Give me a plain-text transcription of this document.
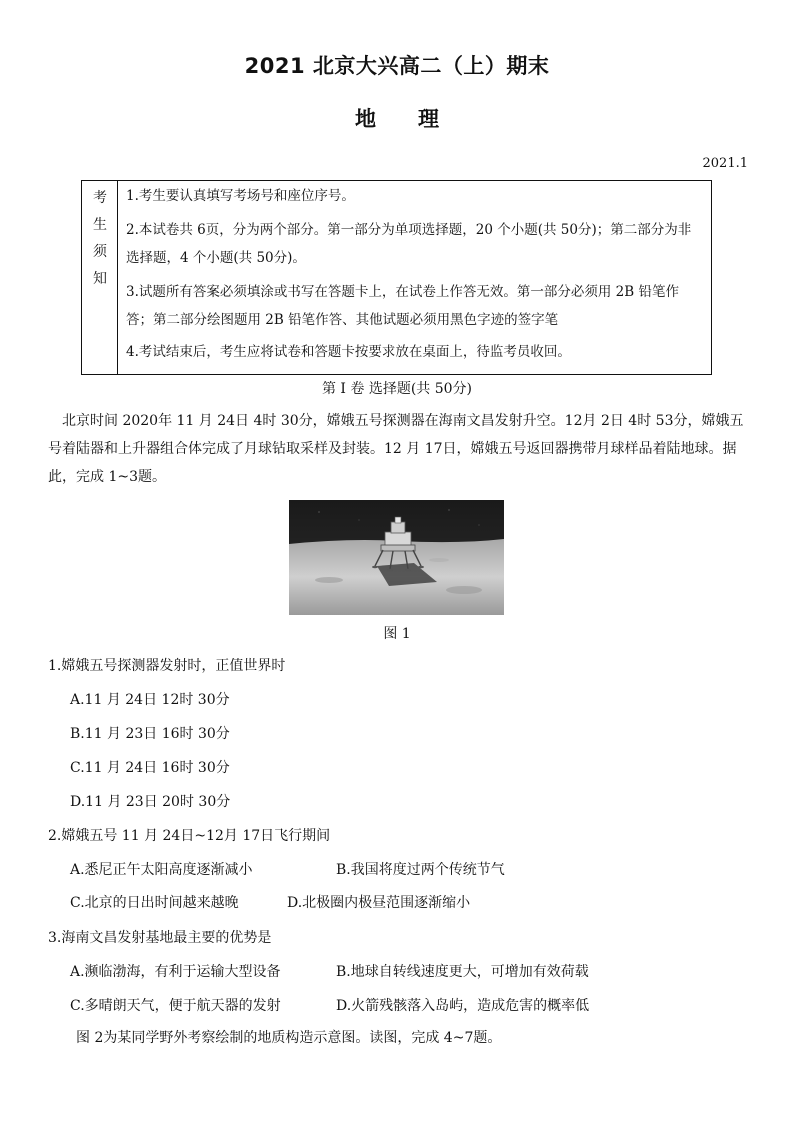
2021 北京大兴高二（上）期末
地　　理
2021.1
考
生
须
知

1.考生要认真填写考场号和座位序号。

2.本试卷共 6页，分为两个部分。第一部分为单项选择题，20 个小题(共 50分)；第二部分为非

选择题，4 个小题(共 50分)。

3.试题所有答案必须填涂或书写在答题卡上，在试卷上作答无效。第一部分必须用 2B 铅笔作

答；第二部分绘图题用 2B 铅笔作答、其他试题必须用黑色字迹的签字笔

4.考试结束后，考生应将试卷和答题卡按要求放在桌面上，待监考员收回。

第 I 卷 选择题(共 50分)

　北京时间 2020年 11 月 24日 4时 30分，嫦娥五号探测器在海南文昌发射升空。12月 2日 4时 53分，嫦娥五

号着陆器和上升器组合体完成了月球钻取采样及封装。12 月 17日，嫦娥五号返回器携带月球样品着陆地球。据

此，完成 1~3题。

图 1
1.嫦娥五号探测器发射时，正值世界时
A.11 月 24日 12时 30分
B.11 月 23日 16时 30分
C.11 月 24日 16时 30分
D.11 月 23日 20时 30分
2.嫦娥五号 11 月 24日~12月 17日飞行期间
A.悉尼正午太阳高度逐渐减小	B.我国将度过两个传统节气
C.北京的日出时间越来越晚	D.北极圈内极昼范围逐渐缩小
3.海南文昌发射基地最主要的优势是
A.濒临渤海，有利于运输大型设备	B.地球自转线速度更大，可增加有效荷载
C.多晴朗天气，便于航天器的发射	D.火箭残骸落入岛屿，造成危害的概率低
图 2为某同学野外考察绘制的地质构造示意图。读图，完成 4~7题。
